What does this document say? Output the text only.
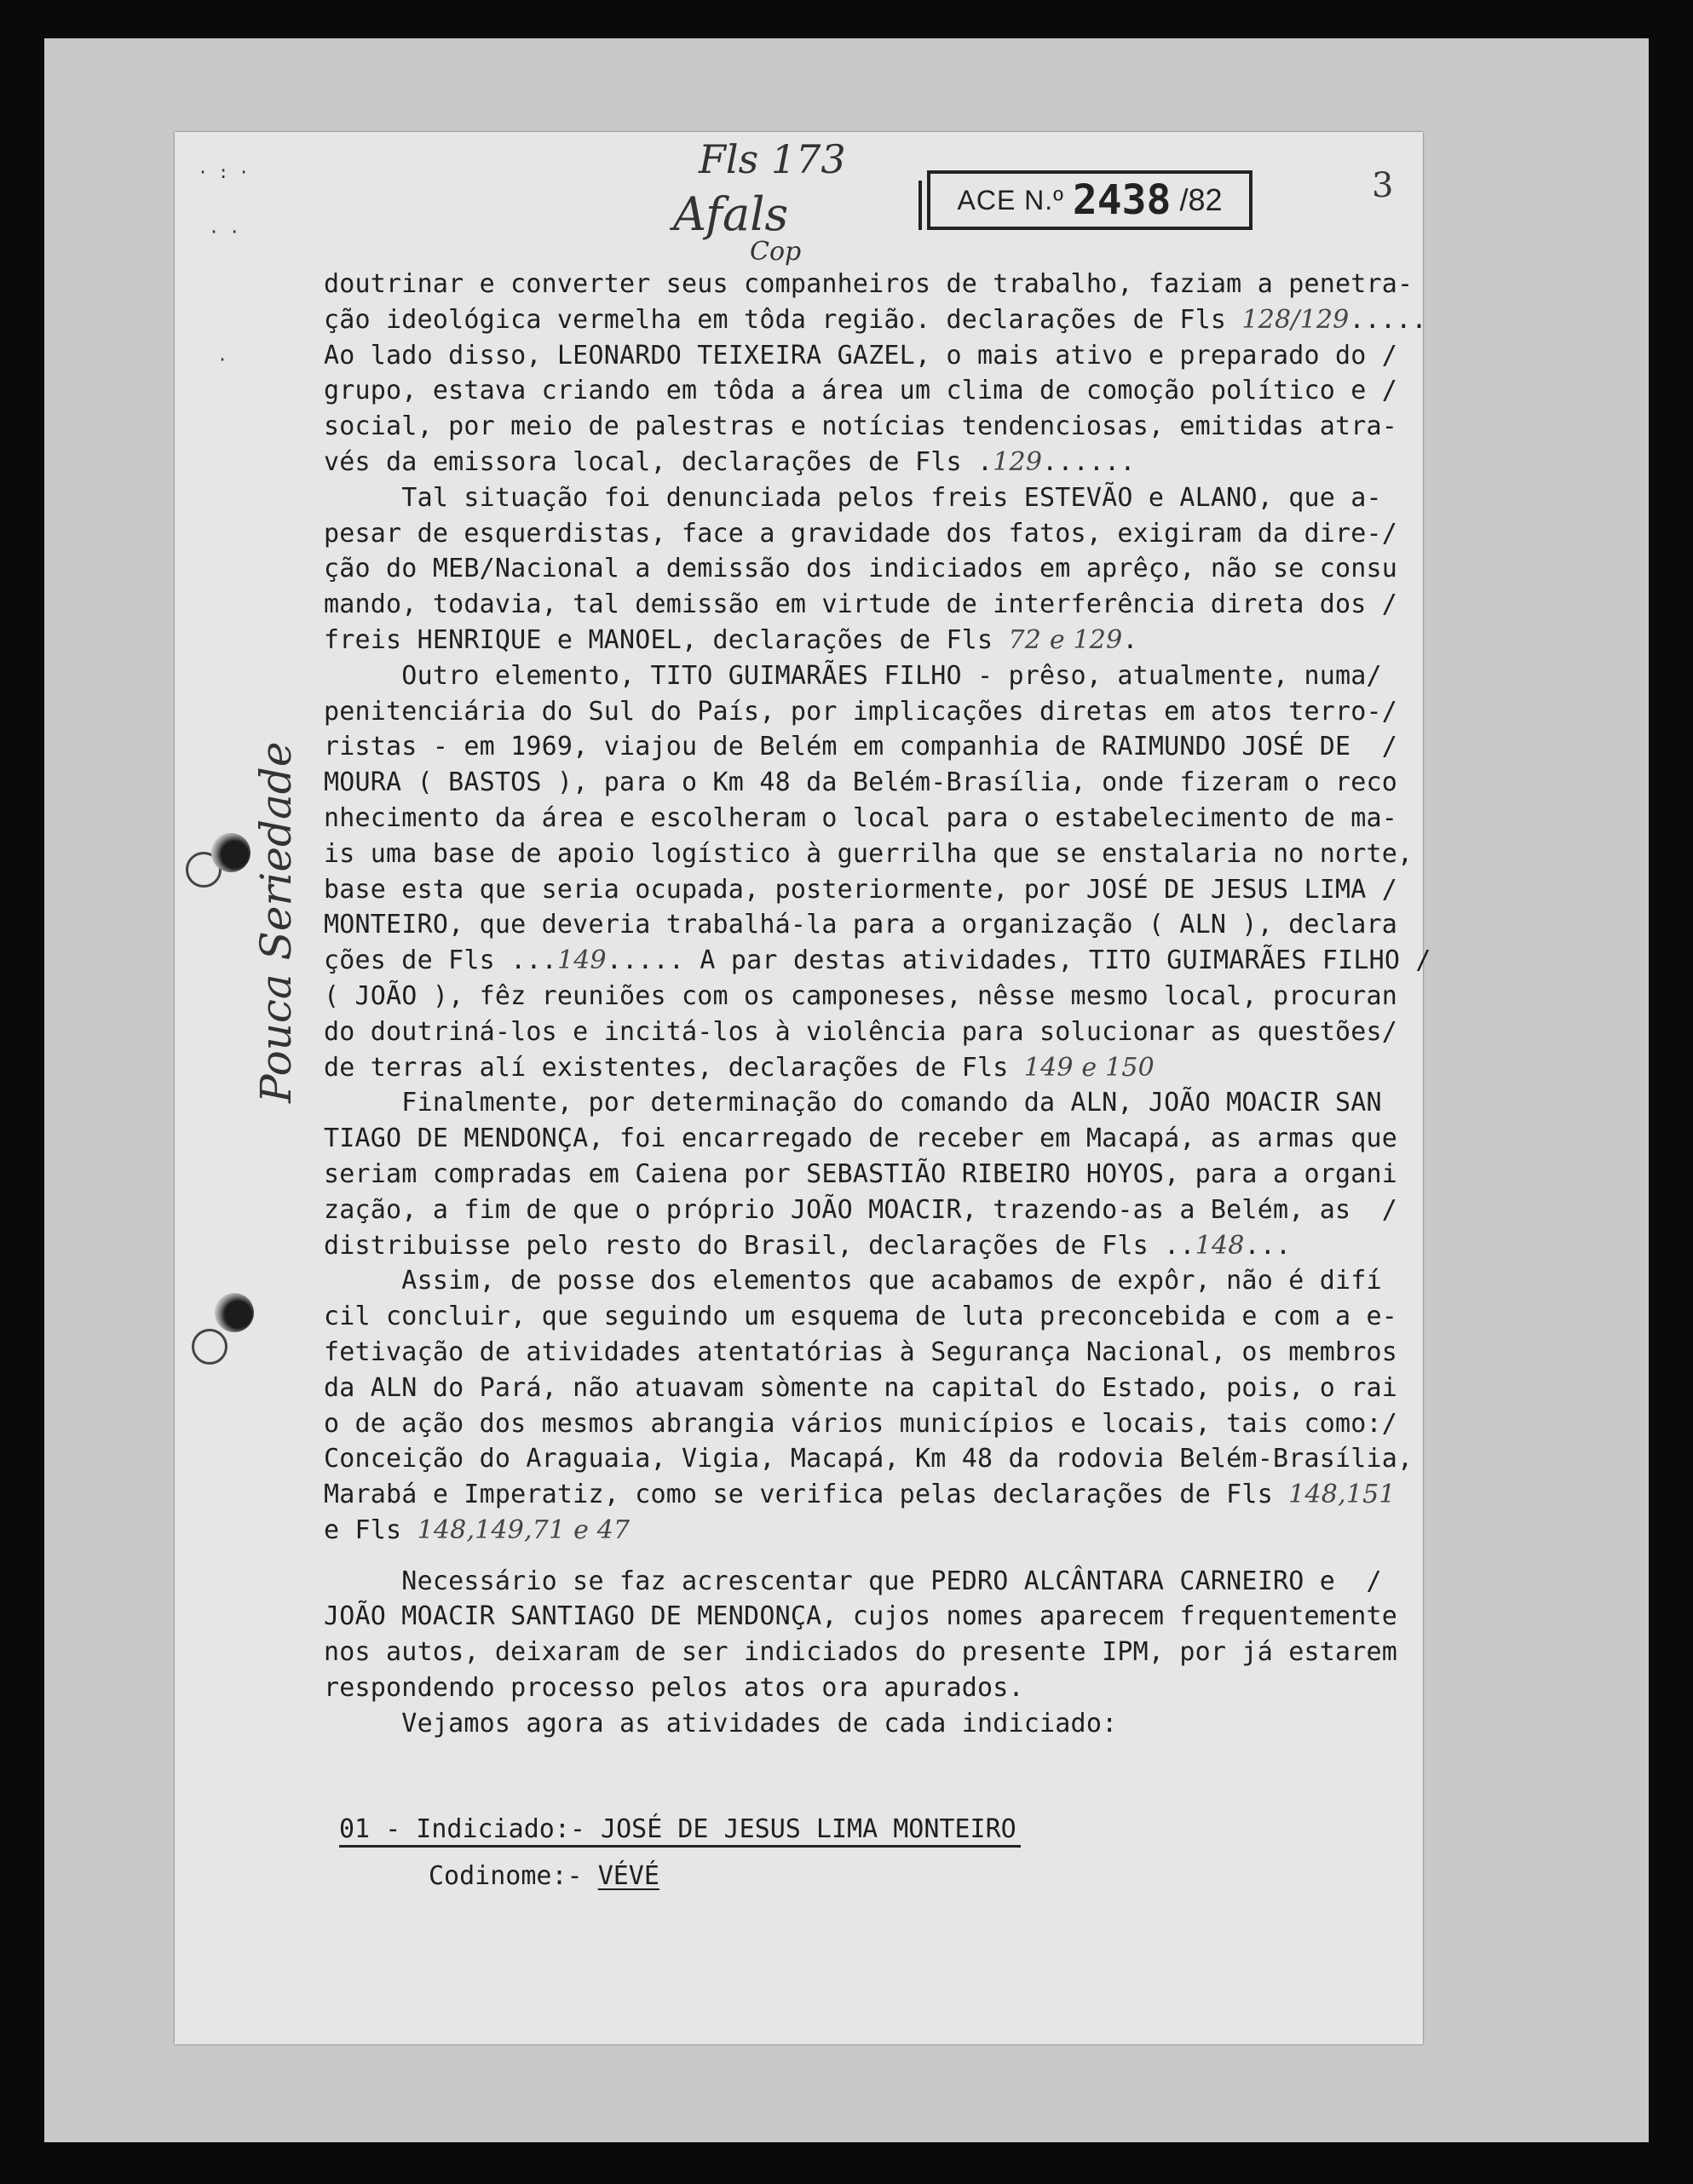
· : ·
· ·
·
3
Fls 173
Afals
Cop
ACE N.º 2438 /82
Pouca Seriedade
doutrinar e converter seus companheiros de trabalho, faziam a penetra-
ção ideológica vermelha em tôda região. declarações de Fls 128/129.....
Ao lado disso, LEONARDO TEIXEIRA GAZEL, o mais ativo e preparado do /
grupo, estava criando em tôda a área um clima de comoção político e /
social, por meio de palestras e notícias tendenciosas, emitidas atra-
vés da emissora local, declarações de Fls .129......
Tal situação foi denunciada pelos freis ESTEVÃO e ALANO, que a-
pesar de esquerdistas, face a gravidade dos fatos, exigiram da dire-/
ção do MEB/Nacional a demissão dos indiciados em aprêço, não se consu
mando, todavia, tal demissão em virtude de interferência direta dos /
freis HENRIQUE e MANOEL, declarações de Fls 72 e 129.
Outro elemento, TITO GUIMARÃES FILHO - prêso, atualmente, numa/
penitenciária do Sul do País, por implicações diretas em atos terro-/
ristas - em 1969, viajou de Belém em companhia de RAIMUNDO JOSÉ DE  /
MOURA ( BASTOS ), para o Km 48 da Belém-Brasília, onde fizeram o reco
nhecimento da área e escolheram o local para o estabelecimento de ma-
is uma base de apoio logístico à guerrilha que se enstalaria no norte,
base esta que seria ocupada, posteriormente, por JOSÉ DE JESUS LIMA /
MONTEIRO, que deveria trabalhá-la para a organização ( ALN ), declara
ções de Fls ...149..... A par destas atividades, TITO GUIMARÃES FILHO /
( JOÃO ), fêz reuniões com os camponeses, nêsse mesmo local, procuran
do doutriná-los e incitá-los à violência para solucionar as questões/
de terras alí existentes, declarações de Fls 149 e 150
Finalmente, por determinação do comando da ALN, JOÃO MOACIR SAN
TIAGO DE MENDONÇA, foi encarregado de receber em Macapá, as armas que
seriam compradas em Caiena por SEBASTIÃO RIBEIRO HOYOS, para a organi
zação, a fim de que o próprio JOÃO MOACIR, trazendo-as a Belém, as  /
distribuisse pelo resto do Brasil, declarações de Fls ..148...
Assim, de posse dos elementos que acabamos de expôr, não é difí
cil concluir, que seguindo um esquema de luta preconcebida e com a e-
fetivação de atividades atentatórias à Segurança Nacional, os membros
da ALN do Pará, não atuavam sòmente na capital do Estado, pois, o rai
o de ação dos mesmos abrangia vários municípios e locais, tais como:/
Conceição do Araguaia, Vigia, Macapá, Km 48 da rodovia Belém-Brasília,
Marabá e Imperatiz, como se verifica pelas declarações de Fls 148,151
e Fls 148,149,71 e 47
Necessário se faz acrescentar que PEDRO ALCÂNTARA CARNEIRO e  /
JOÃO MOACIR SANTIAGO DE MENDONÇA, cujos nomes aparecem frequentemente
nos autos, deixaram de ser indiciados do presente IPM, por já estarem
respondendo processo pelos atos ora apurados.
Vejamos agora as atividades de cada indiciado:
01 - Indiciado:- JOSÉ DE JESUS LIMA MONTEIRO
Codinome:- VÉVÉ
